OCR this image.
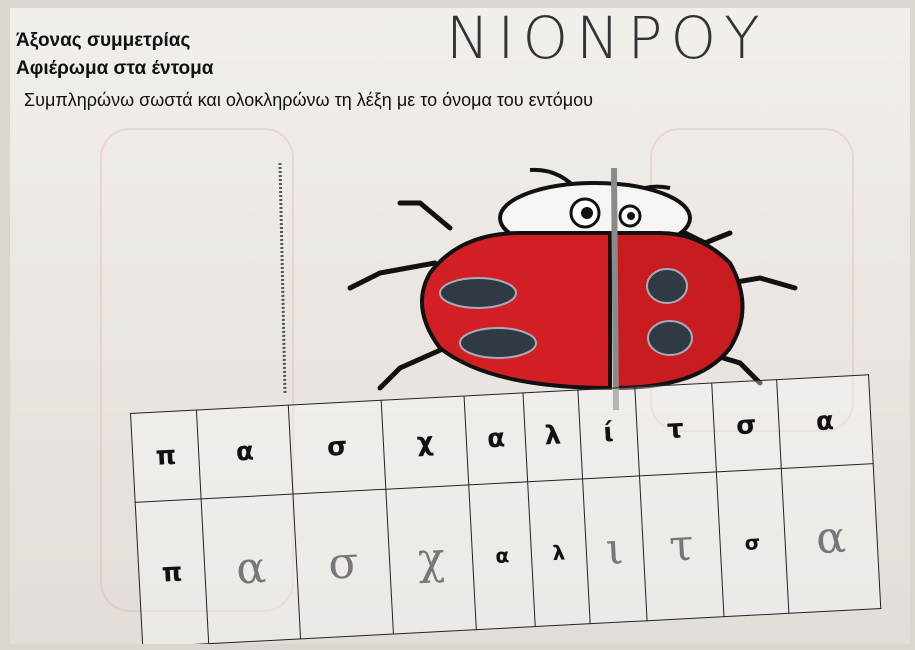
ΝΙΟΝΡΟΥ
Άξονας συμμετρίας
Αφιέρωμα στα έντομα
Συμπληρώνω σωστά και ολοκληρώνω τη λέξη με το όνομα του εντόμου
π	α	σ	χ	α	λ	ί	τ	σ	α
π	α	σ	χ	α	λ	ι	τ	σ	α
